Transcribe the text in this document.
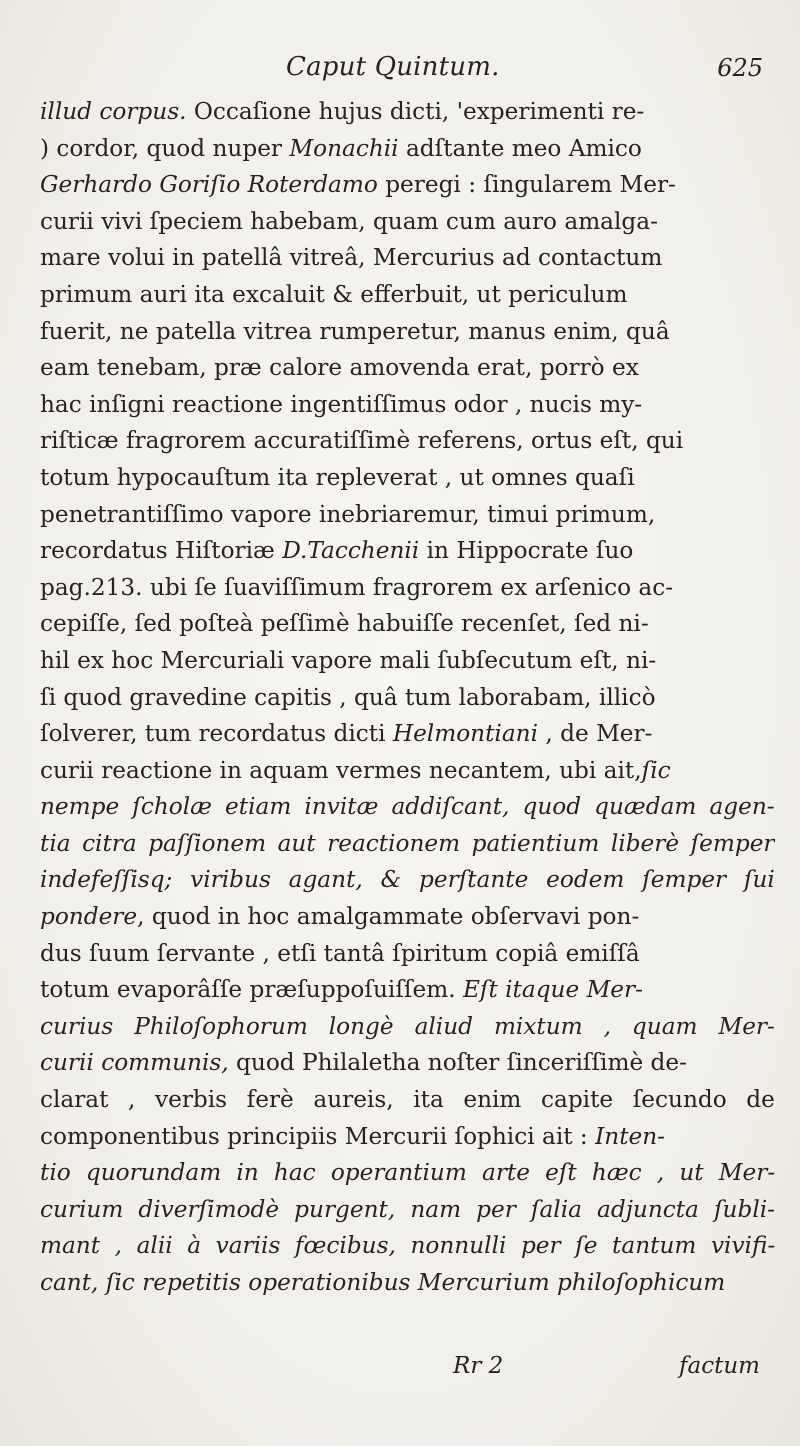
Caput Quintum.	625
illud corpus. Occaſione hujus dicti, 'experimenti re-
) cordor, quod nuper Monachii adſtante meo Amico
Gerhardo Goriſio Roterdamo peregi : ſingularem Mer-
curii vivi ſpeciem habebam, quam cum auro amalga-
mare volui in patellâ vitreâ, Mercurius ad contactum
primum auri ita excaluit & efferbuit, ut periculum
fuerit, ne patella vitrea rumperetur, manus enim, quâ
eam tenebam, præ calore amovenda erat, porrò ex
hac inſigni reactione ingentiſſimus odor , nucis my-
riſticæ fragrorem accuratiſſimè referens, ortus eſt, qui
totum hypocauſtum ita repleverat , ut omnes quaſi
penetrantiſſimo vapore inebriaremur, timui primum,
recordatus Hiſtoriæ D.Tacchenii in Hippocrate ſuo
pag.213. ubi ſe ſuaviſſimum fragrorem ex arſenico ac-
cepiſſe, ſed poſteà peſſimè habuiſſe recenſet, ſed ni-
hil ex hoc Mercuriali vapore mali ſubſecutum eſt, ni-
ſi quod gravedine capitis , quâ tum laborabam, illicò
ſolverer, tum recordatus dicti Helmontiani , de Mer-
curii reactione in aquam vermes necantem, ubi ait,ſic
nempe ſcholæ etiam invitæ addiſcant, quod quædam agen-
tia citra paſſionem aut reactionem patientium liberè ſemper
indefeſſisq; viribus agant, & perſtante eodem ſemper ſui
pondere, quod in hoc amalgammate obſervavi pon-
dus ſuum ſervante , etſi tantâ ſpiritum copiâ emiſſâ
totum evaporâſſe præſuppoſuiſſem. Eſt itaque Mer-
curius Philoſophorum longè aliud mixtum , quam Mer-
curii communis, quod Philaletha noſter ſinceriſſimè de-
clarat , verbis ferè aureis, ita enim capite ſecundo de
componentibus principiis Mercurii ſophici ait : Inten-
tio quorundam in hac operantium arte eſt hæc , ut Mer-
curium diverſimodè purgent, nam per ſalia adjuncta ſubli-
mant , alii à variis fœcibus, nonnulli per ſe tantum vivifi-
cant, ſic repetitis operationibus Mercurium philoſophicum
Rr 2	factum
